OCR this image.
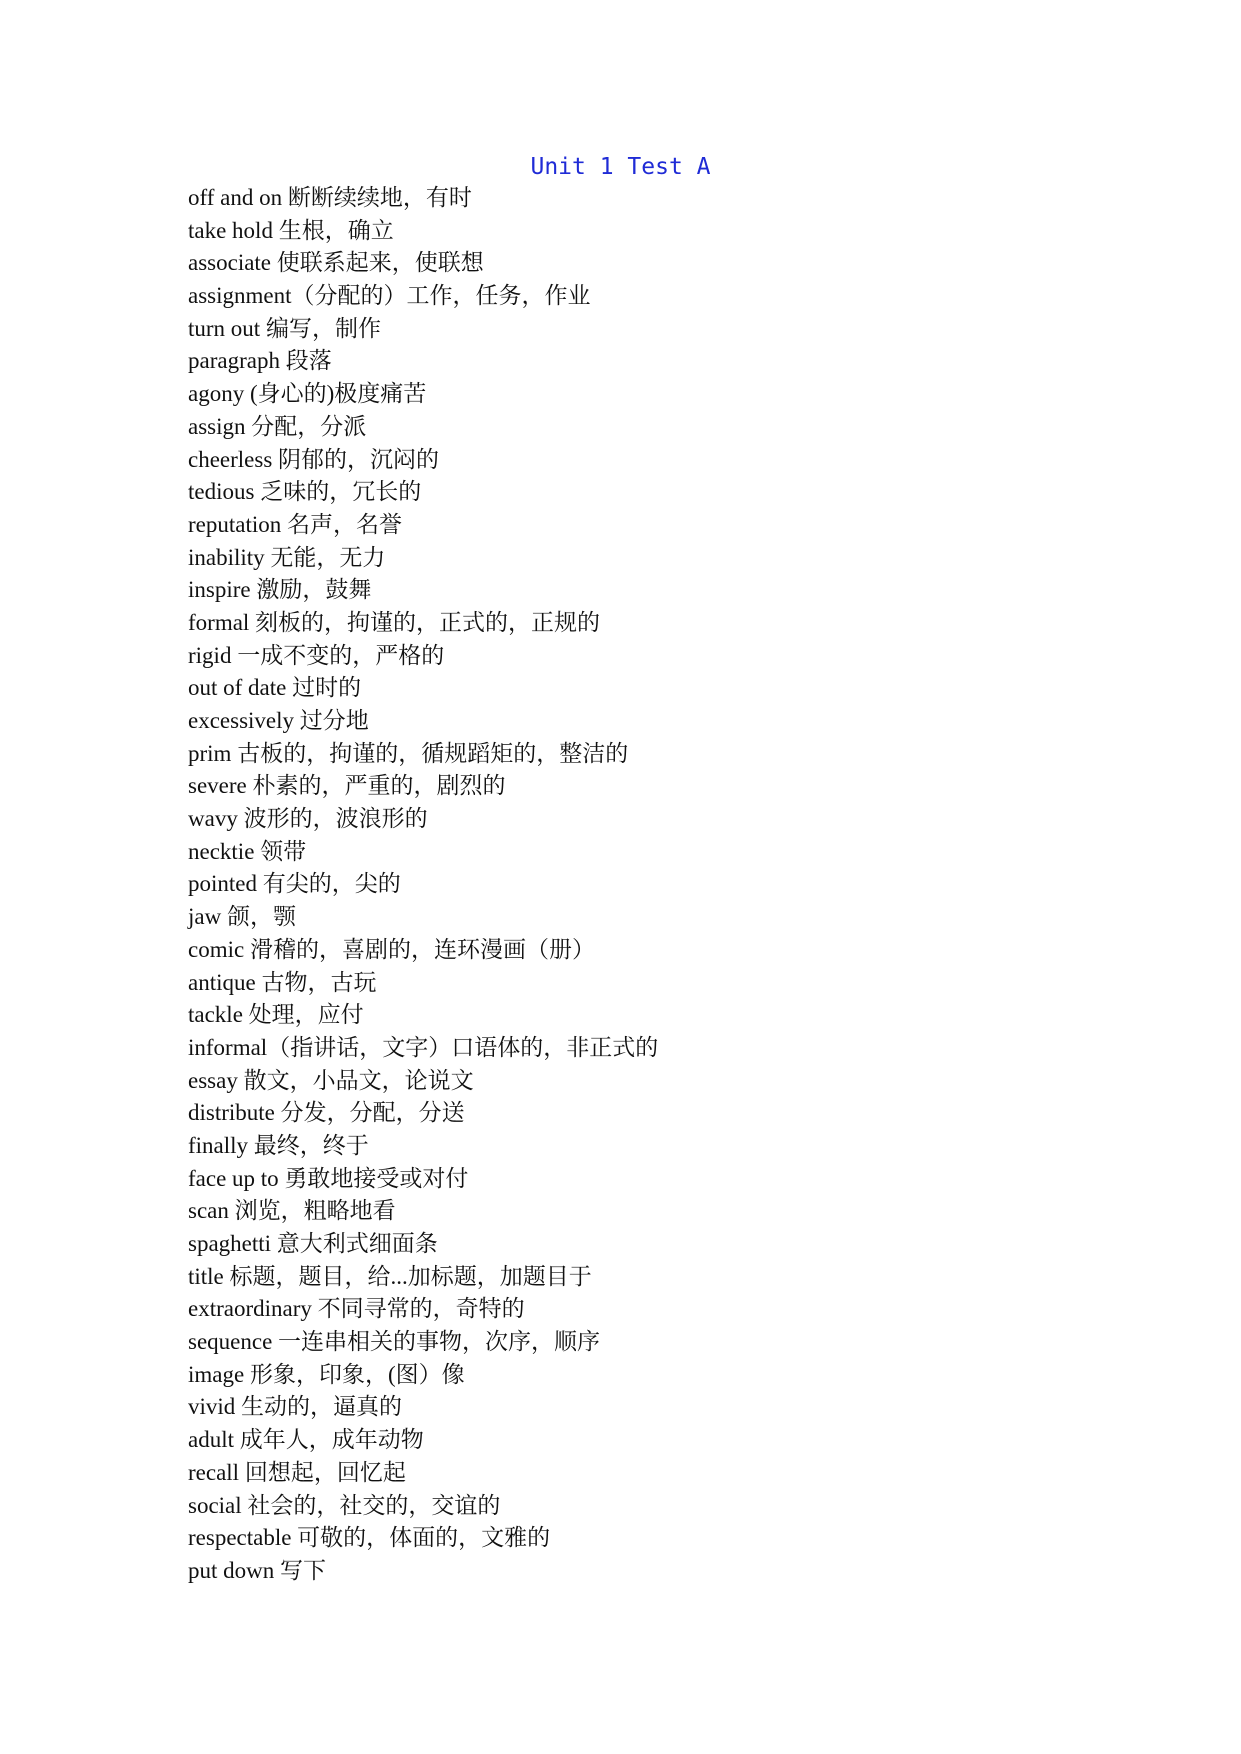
Unit 1 Test A
off and on 断断续续地，有时
take hold 生根，确立
associate 使联系起来，使联想
assignment（分配的）工作，任务，作业
turn out 编写，制作
paragraph 段落
agony (身心的)极度痛苦
assign 分配，分派
cheerless 阴郁的，沉闷的
tedious 乏味的，冗长的
reputation 名声，名誉
inability 无能，无力
inspire 激励，鼓舞
formal 刻板的，拘谨的，正式的，正规的
rigid 一成不变的，严格的
out of date 过时的
excessively 过分地
prim 古板的，拘谨的，循规蹈矩的，整洁的
severe 朴素的，严重的，剧烈的
wavy 波形的，波浪形的
necktie 领带
pointed 有尖的，尖的
jaw 颌，颚
comic 滑稽的，喜剧的，连环漫画（册）
antique 古物，古玩
tackle 处理，应付
informal（指讲话，文字）口语体的，非正式的
essay 散文，小品文，论说文
distribute 分发，分配，分送
finally 最终，终于
face up to 勇敢地接受或对付
scan 浏览，粗略地看
spaghetti 意大利式细面条
title 标题，题目，给...加标题，加题目于
extraordinary 不同寻常的，奇特的
sequence 一连串相关的事物，次序，顺序
image 形象，印象，(图）像
vivid 生动的，逼真的
adult 成年人，成年动物
recall 回想起，回忆起
social 社会的，社交的，交谊的
respectable 可敬的，体面的，文雅的
put down 写下
